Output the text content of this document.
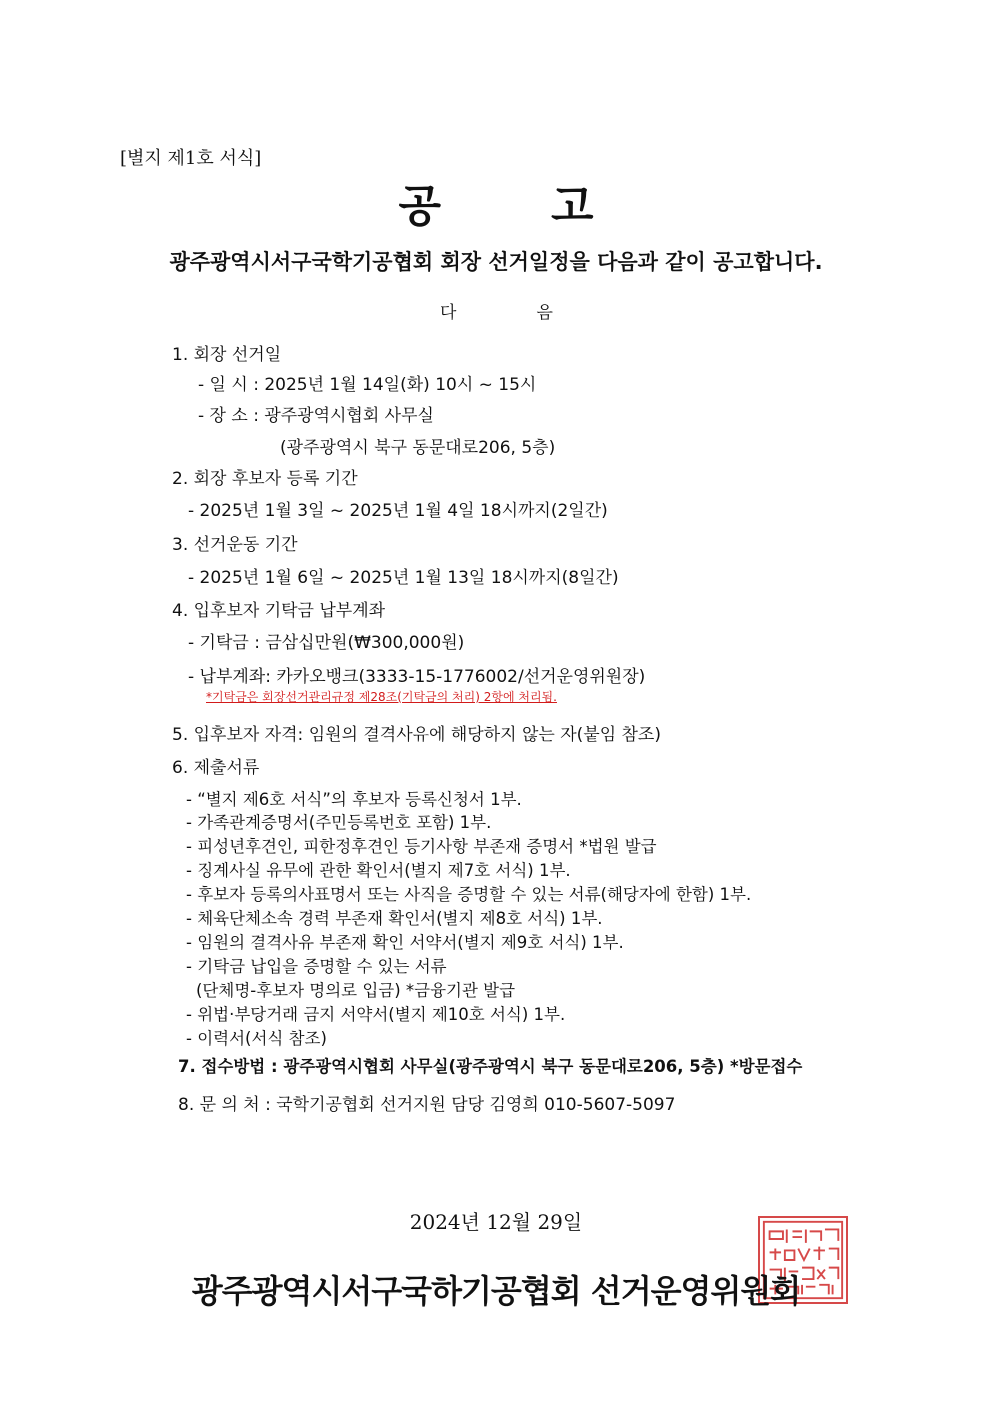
[별지 제1호 서식]
공	고
광주광역시서구국학기공협회 회장 선거일정을 다음과 같이 공고합니다.
다	음
1. 회장 선거일
- 일 시 : 2025년 1월 14일(화) 10시 ~ 15시
- 장 소 : 광주광역시협회 사무실
(광주광역시 북구 동문대로206, 5층)
2. 회장 후보자 등록 기간
- 2025년 1월 3일 ~ 2025년 1월 4일 18시까지(2일간)
3. 선거운동 기간
- 2025년 1월 6일 ~ 2025년 1월 13일 18시까지(8일간)
4. 입후보자 기탁금 납부계좌
- 기탁금 : 금삼십만원(₩300,000원)
- 납부계좌: 카카오뱅크(3333-15-1776002/선거운영위원장)
*기탁금은 회장선거관리규정 제28조(기탁금의 처리) 2항에 처리됨.
5. 입후보자 자격: 임원의 결격사유에 해당하지 않는 자(붙임 참조)
6. 제출서류
- “별지 제6호 서식”의 후보자 등록신청서 1부.
- 가족관계증명서(주민등록번호 포함) 1부.
- 피성년후견인, 피한정후견인 등기사항 부존재 증명서 *법원 발급
- 징계사실 유무에 관한 확인서(별지 제7호 서식) 1부.
- 후보자 등록의사표명서 또는 사직을 증명할 수 있는 서류(해당자에 한함) 1부.
- 체육단체소속 경력 부존재 확인서(별지 제8호 서식) 1부.
- 임원의 결격사유 부존재 확인 서약서(별지 제9호 서식) 1부.
- 기탁금 납입을 증명할 수 있는 서류
(단체명-후보자 명의로 입금) *금융기관 발급
- 위법·부당거래 금지 서약서(별지 제10호 서식) 1부.
- 이력서(서식 참조)
7. 접수방법 : 광주광역시협회 사무실(광주광역시 북구 동문대로206, 5층) *방문접수
8. 문 의 처 : 국학기공협회 선거지원 담당 김영희 010-5607-5097
2024년 12월 29일
광주광역시서구국하기공협회 선거운영위원회
